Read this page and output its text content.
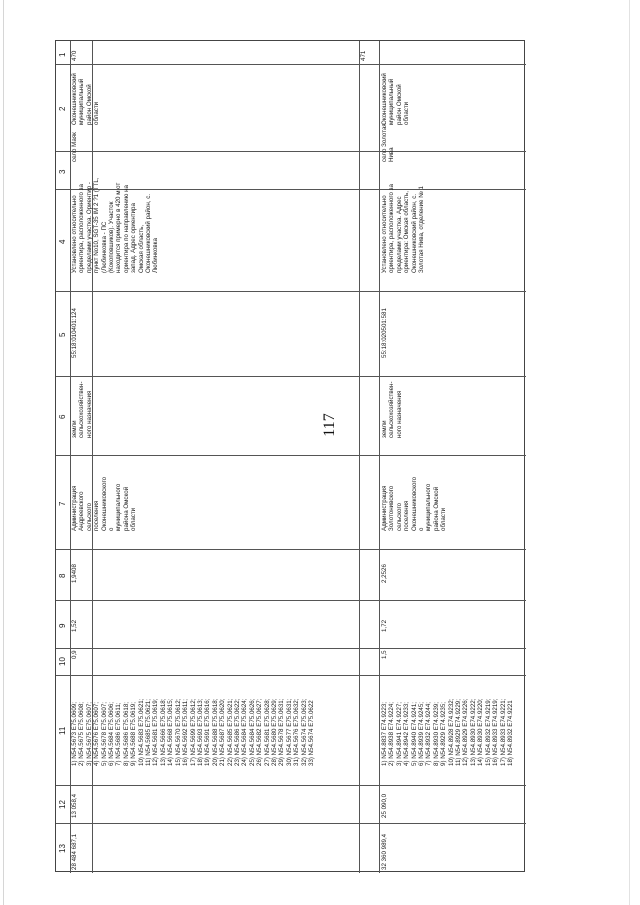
117
1
2
3
4
5
6
7
8
9
10
11
12
13
470
Оконешниковский
муниципальный
район Омской
области
село Маяк
Установлено относительно
ориентира, расположенного за
пределами участка. Ориентир -
пункт No10, SGT-35 IM 2 ?1 (TTL,
(Любинковка - ПС
(Кокоповшиков). Участок
находится примерно в 420 м от
ориентира по направлению на
запад. Адрес ориентира
Омская область,
Оконешниковский район, с.
Любинковка
55:18:010401:124
земли
сельскохозяйствен-
ного назначения
Администрация
Андреевского
сельского
поселения
Оконешниковского
о
муниципального
района Омской
области
1,9408
1,52
0,9
1) N54.5673 E75.0609;
2) N54.5675 E75.0608;
3) N54.5675 E75.0607;
4) N54.5676 E75.0607;
5) N54.5678 E75.0607;
6) N54.5684 E75.0606;
7) N54.5686 E75.0611;
8) N54.5686 E75.0618;
9) N54.5688 E75.0619;
10) N54.5683 E75.0621;
11) N54.5685 E75.0621;
12) N54.5681 E75.0619;
13) N54.5666 E75.0618;
14) N54.5668 E75.0615;
15) N54.5670 E75.0612;
16) N54.5692 E75.0611;
17) N54.5699 E75.0612;
18) N54.5693 E75.0613;
19) N54.5691 E75.0616;
20) N54.5688 E75.0618;
21) N54.5687 E75.0620;
22) N54.5685 E75.0621;
23) N54.5686 E75.0622;
24) N54.5684 E75.0624;
25) N54.5684 E75.0626;
26) N54.5682 E75.0627;
27) N54.5681 E75.0628;
28) N54.5680 E75.0629;
29) N54.5678 E75.0631;
30) N54.5677 E75.0631;
31) N54.5676 E75.0632;
32) N54.5674 E75.0623;
33) N54.5674 E75.0622
13 058,4
28 484 687,1
471
Оконешниковский
муниципальный
район Омской
области
село Золотая
Нива
Установлено относительно
ориентира, расположенного за
пределами участка. Адрес
ориентира: Омская область,
Оконешниковский район, с.
Золотая Нива, отделение № 1
55:18:020501:581
земли
сельскохозяйствен-
ного назначения
Администрация
Золотонивского
сельского
поселения
Оконешниковского
о
муниципального
района Омской
области
2,2526
1,72
1,5
1) N54.8837 E74.9223;
2) N54.8938 E74.9224;
3) N54.8941 E74.9227;
4) N54.8942 E74.9233;
5) N54.8940 E74.9241;
6) N54.8939 E74.9245;
7) N54.8932 E74.9244;
8) N54.8930 E74.9239;
9) N54.8929 E74.9235;
10) N54.8928 E74.9232;
11) N54.8929 E74.9229;
12) N54.8929 E74.9226;
13) N54.8930 E74.9222;
14) N54.8930 E74.9220;
15) N54.8932 E74.9219;
16) N54.8933 E74.9219;
17) N54.8933 E74.9221;
18) N54.8932 E74.9221
25 090,0
32 360 989,4
